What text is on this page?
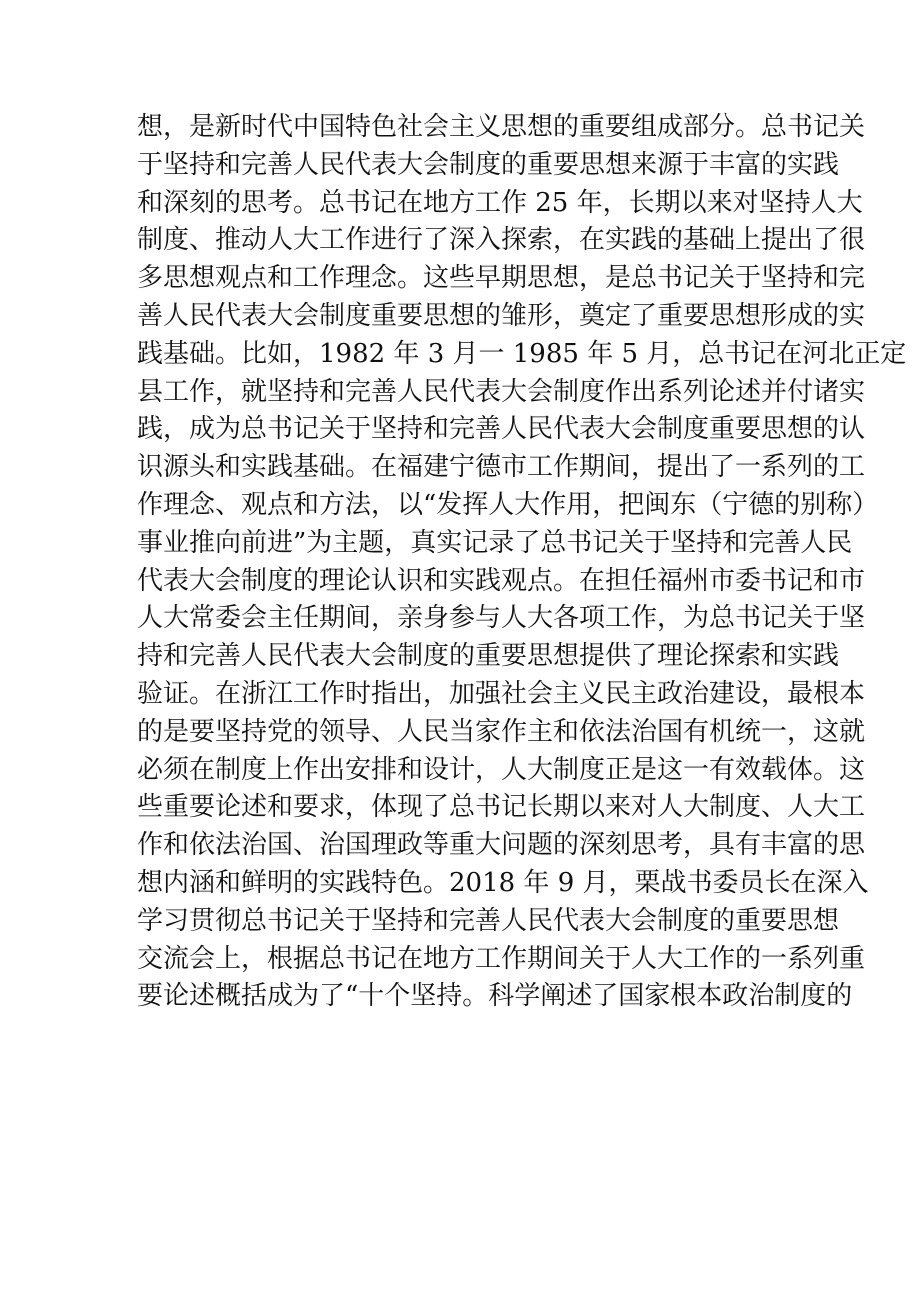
想，是新时代中国特色社会主义思想的重要组成部分。总书记关
于坚持和完善人民代表大会制度的重要思想来源于丰富的实践
和深刻的思考。总书记在地方工作 25 年，长期以来对坚持人大
制度、推动人大工作进行了深入探索，在实践的基础上提出了很
多思想观点和工作理念。这些早期思想，是总书记关于坚持和完
善人民代表大会制度重要思想的雏形，奠定了重要思想形成的实
践基础。比如，1982 年 3 月一 1985 年 5 月，总书记在河北正定
县工作，就坚持和完善人民代表大会制度作出系列论述并付诸实
践，成为总书记关于坚持和完善人民代表大会制度重要思想的认
识源头和实践基础。在福建宁德市工作期间，提出了一系列的工
作理念、观点和方法，以“发挥人大作用，把闽东（宁德的别称）
事业推向前进”为主题，真实记录了总书记关于坚持和完善人民
代表大会制度的理论认识和实践观点。在担任福州市委书记和市
人大常委会主任期间，亲身参与人大各项工作，为总书记关于坚
持和完善人民代表大会制度的重要思想提供了理论探索和实践
验证。在浙江工作时指出，加强社会主义民主政治建设，最根本
的是要坚持党的领导、人民当家作主和依法治国有机统一，这就
必须在制度上作出安排和设计，人大制度正是这一有效载体。这
些重要论述和要求，体现了总书记长期以来对人大制度、人大工
作和依法治国、治国理政等重大问题的深刻思考，具有丰富的思
想内涵和鲜明的实践特色。2018 年 9 月，栗战书委员长在深入
学习贯彻总书记关于坚持和完善人民代表大会制度的重要思想
交流会上，根据总书记在地方工作期间关于人大工作的一系列重
要论述概括成为了“十个坚持。科学阐述了国家根本政治制度的
